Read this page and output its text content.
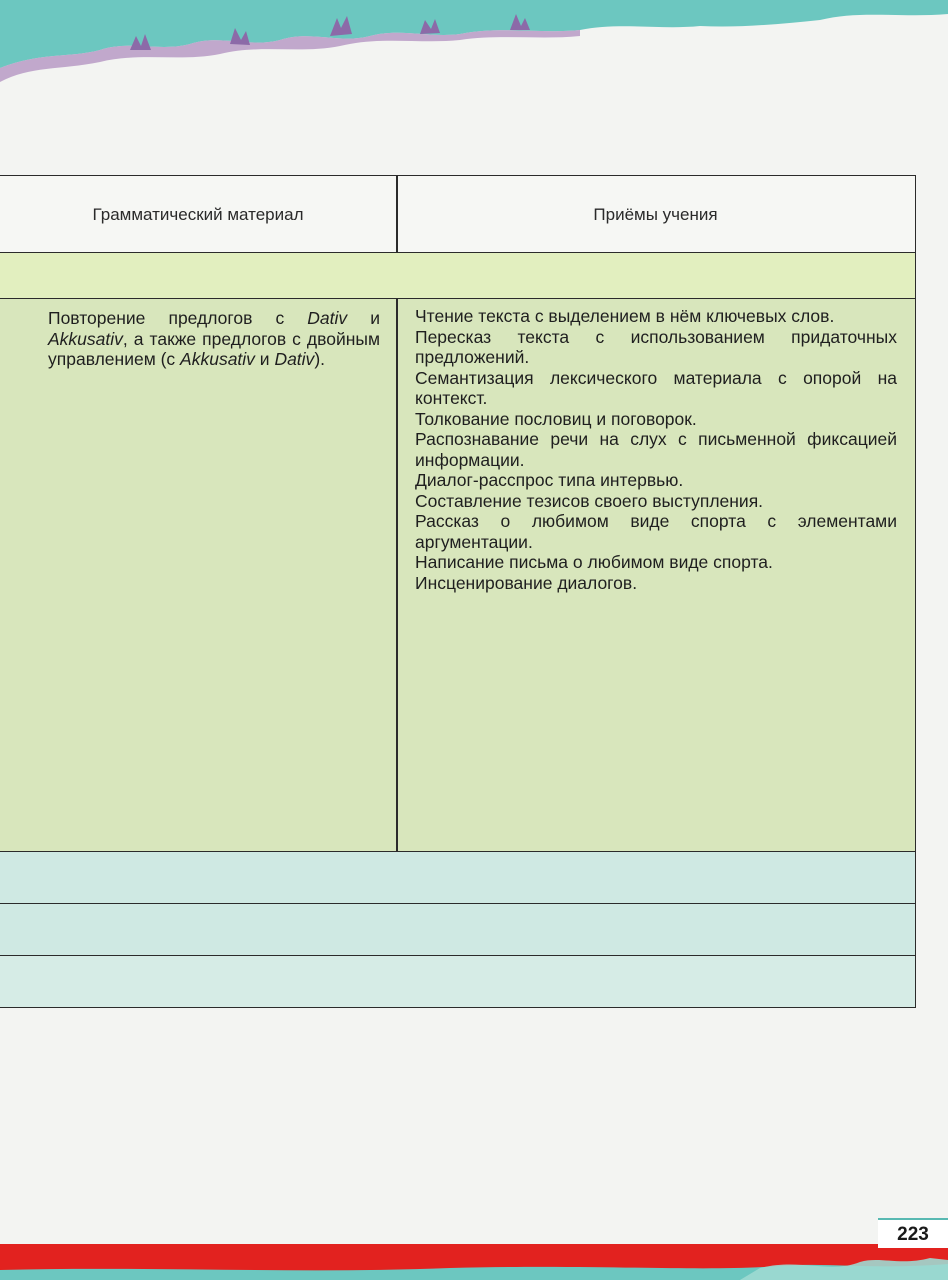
Грамматический материал	Приёмы учения
Повторение предлогов с Dativ и Akkusativ, а также предлогов с двойным управлением (с Akkusativ и Dativ).
Чтение текста с выделением в нём ключевых слов.
Пересказ текста с использованием придаточных предложений.
Семантизация лексического материала с опорой на контекст.
Толкование пословиц и поговорок.
Распознавание речи на слух с письменной фиксацией информации.
Диалог-расспрос типа интервью.
Составление тезисов своего выступления.
Рассказ о любимом виде спорта с элементами аргументации.
Написание письма о любимом виде спорта.
Инсценирование диалогов.
223
